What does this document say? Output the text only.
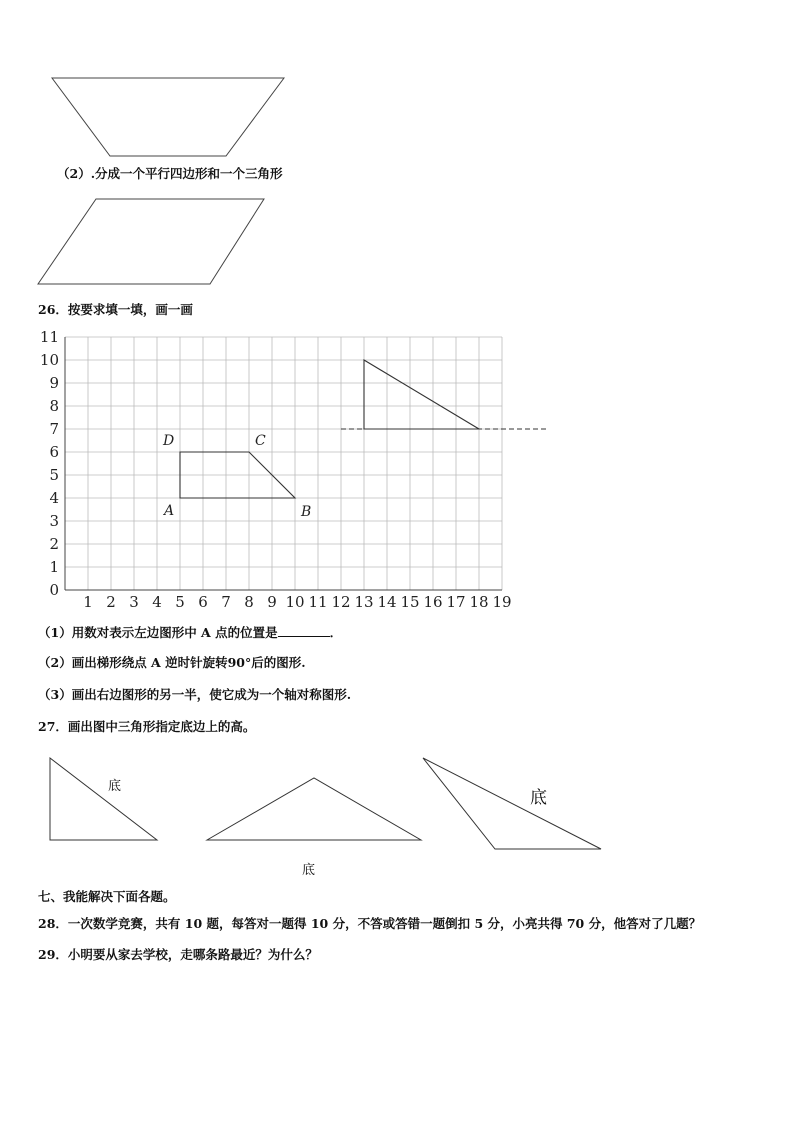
（2）.分成一个平行四边形和一个三角形
26．按要求填一填，画一画
1 2 3 4 5 6 7 8 9 10 11 12 13 14 15 16 17 18 19
0
1
2
3
4
5
6
7
8
9
10
11
A	B
C
D
（1）用数对表示左边图形中 A 点的位置是	．
（2）画出梯形绕点 A 逆时针旋转90°后的图形.
（3）画出右边图形的另一半，使它成为一个轴对称图形.
27．画出图中三角形指定底边上的高。
底
底
底
七、我能解决下面各题。
28．一次数学竞赛，共有 10 题，每答对一题得 10 分，不答或答错一题倒扣 5 分，小亮共得 70 分，他答对了几题？
29．小明要从家去学校，走哪条路最近？为什么？
